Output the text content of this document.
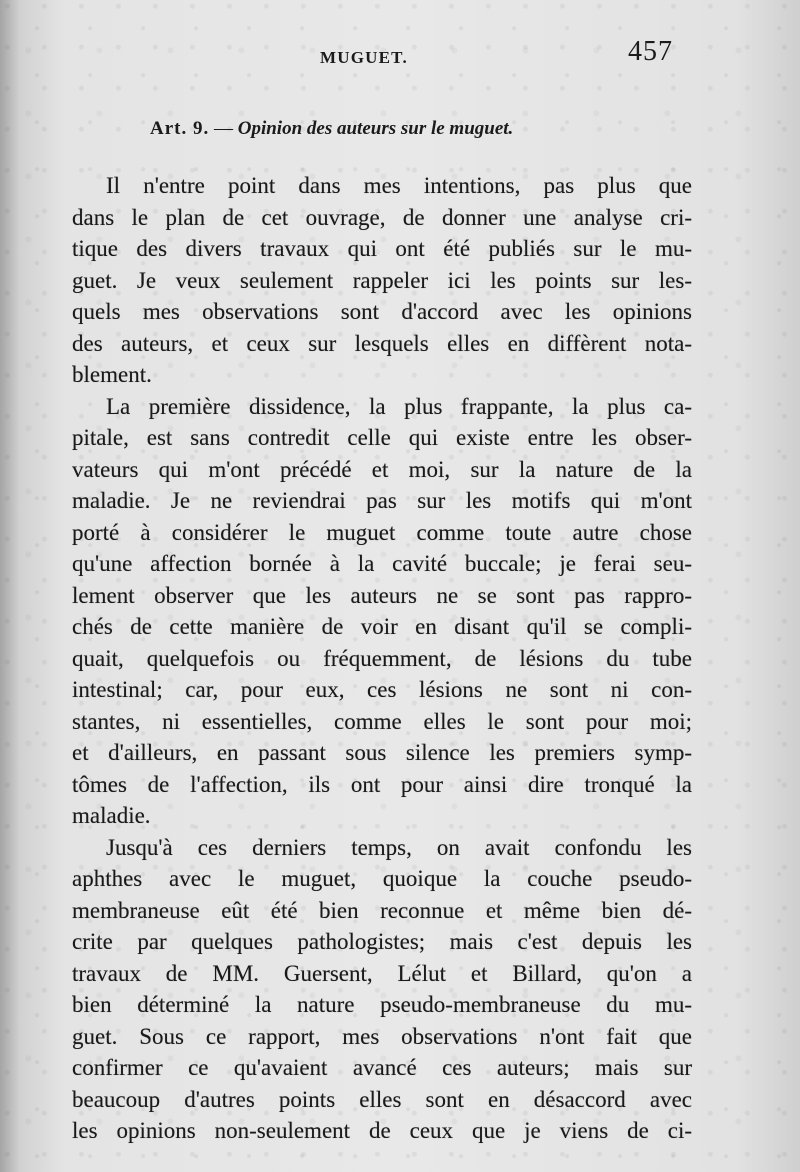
MUGUET.	457
Art. 9. — Opinion des auteurs sur le muguet.
Il n'entre point dans mes intentions, pas plus que
dans le plan de cet ouvrage, de donner une analyse cri-
tique des divers travaux qui ont été publiés sur le mu-
guet. Je veux seulement rappeler ici les points sur les-
quels mes observations sont d'accord avec les opinions
des auteurs, et ceux sur lesquels elles en diffèrent nota-
blement.
La première dissidence, la plus frappante, la plus ca-
pitale, est sans contredit celle qui existe entre les obser-
vateurs qui m'ont précédé et moi, sur la nature de la
maladie. Je ne reviendrai pas sur les motifs qui m'ont
porté à considérer le muguet comme toute autre chose
qu'une affection bornée à la cavité buccale; je ferai seu-
lement observer que les auteurs ne se sont pas rappro-
chés de cette manière de voir en disant qu'il se compli-
quait, quelquefois ou fréquemment, de lésions du tube
intestinal; car, pour eux, ces lésions ne sont ni con-
stantes, ni essentielles, comme elles le sont pour moi;
et d'ailleurs, en passant sous silence les premiers symp-
tômes de l'affection, ils ont pour ainsi dire tronqué la
maladie.
Jusqu'à ces derniers temps, on avait confondu les
aphthes avec le muguet, quoique la couche pseudo-
membraneuse eût été bien reconnue et même bien dé-
crite par quelques pathologistes; mais c'est depuis les
travaux de MM. Guersent, Lélut et Billard, qu'on a
bien déterminé la nature pseudo-membraneuse du mu-
guet. Sous ce rapport, mes observations n'ont fait que
confirmer ce qu'avaient avancé ces auteurs; mais sur
beaucoup d'autres points elles sont en désaccord avec
les opinions non-seulement de ceux que je viens de ci-
